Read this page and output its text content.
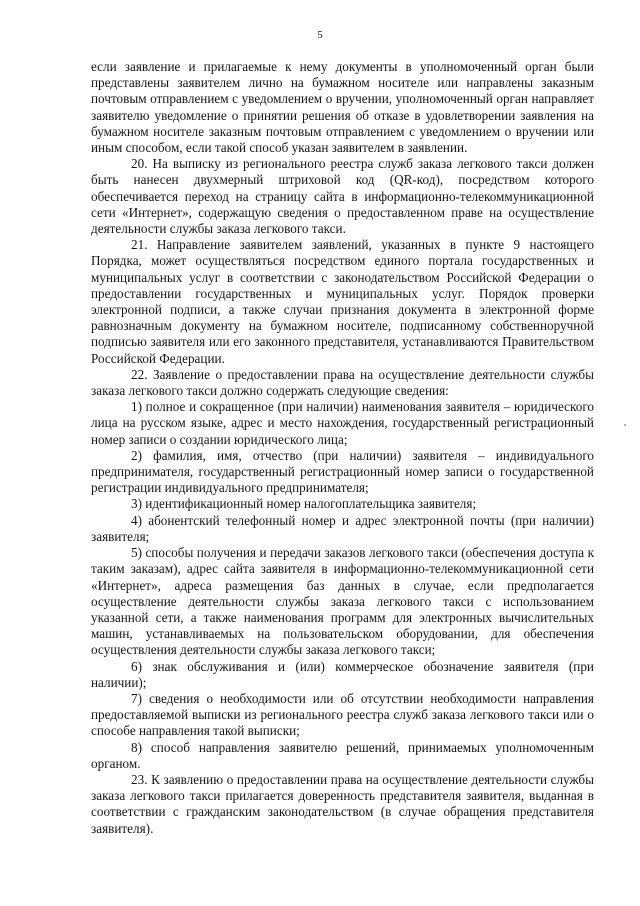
5

если заявление и прилагаемые к нему документы в уполномоченный орган были представлены заявителем лично на бумажном носителе или направлены заказным почтовым отправлением с уведомлением о вручении, уполномоченный орган направляет заявителю уведомление о принятии решения об отказе в удовлетворении заявления на бумажном носителе заказным почтовым отправлением с уведомлением о вручении или иным способом, если такой способ указан заявителем в заявлении.

20. На выписку из регионального реестра служб заказа легкового такси должен быть нанесен двухмерный штриховой код (QR-код), посредством которого обеспечивается переход на страницу сайта в информационно-телекоммуникационной сети «Интернет», содержащую сведения о предоставленном праве на осуществление деятельности службы заказа легкового такси.

21. Направление заявителем заявлений, указанных в пункте 9 настоящего Порядка, может осуществляться посредством единого портала государственных и муниципальных услуг в соответствии с законодательством Российской Федерации о предоставлении государственных и муниципальных услуг. Порядок проверки электронной подписи, а также случаи признания документа в электронной форме равнозначным документу на бумажном носителе, подписанному собственноручной подписью заявителя или его законного представителя, устанавливаются Правительством Российской Федерации.

22. Заявление о предоставлении права на осуществление деятельности службы заказа легкового такси должно содержать следующие сведения:

1) полное и сокращенное (при наличии) наименования заявителя – юридического лица на русском языке, адрес и место нахождения, государственный регистрационный номер записи о создании юридического лица;

2) фамилия, имя, отчество (при наличии) заявителя – индивидуального предпринимателя, государственный регистрационный номер записи о государственной регистрации индивидуального предпринимателя;

3) идентификационный номер налогоплательщика заявителя;

4) абонентский телефонный номер и адрес электронной почты (при наличии) заявителя;

5) способы получения и передачи заказов легкового такси (обеспечения доступа к таким заказам), адрес сайта заявителя в информационно-телекоммуникационной сети «Интернет», адреса размещения баз данных в случае, если предполагается осуществление деятельности службы заказа легкового такси с использованием указанной сети, а также наименования программ для электронных вычислительных машин, устанавливаемых на пользовательском оборудовании, для обеспечения осуществления деятельности службы заказа легкового такси;

6) знак обслуживания и (или) коммерческое обозначение заявителя (при наличии);

7) сведения о необходимости или об отсутствии необходимости направления предоставляемой выписки из регионального реестра служб заказа легкового такси или о способе направления такой выписки;

8) способ направления заявителю решений, принимаемых уполномоченным органом.

23. К заявлению о предоставлении права на осуществление деятельности службы заказа легкового такси прилагается доверенность представителя заявителя, выданная в соответствии с гражданским законодательством (в случае обращения представителя заявителя).
